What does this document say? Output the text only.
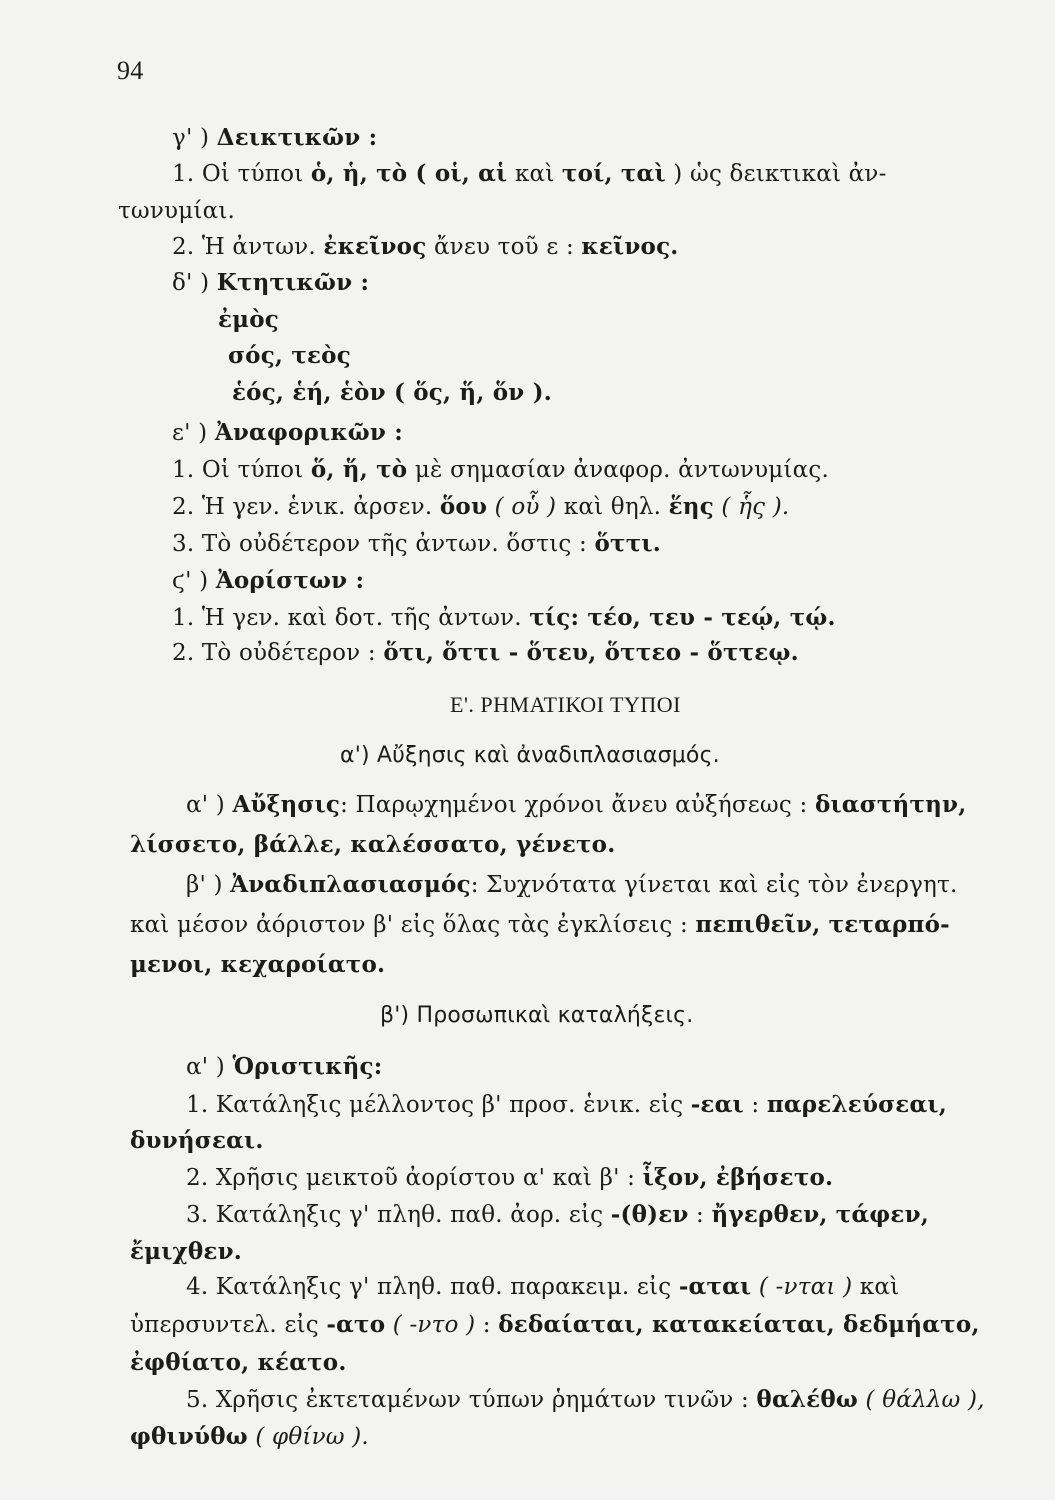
94
γ' ) Δεικτικῶν :
1. Οἱ τύποι ὁ, ἡ, τὸ ( οἱ, αἱ καὶ τοί, ταὶ ) ὡς δεικτικαὶ ἀν-
τωνυμίαι.
2. Ἡ ἀντων. ἐκεῖνος ἄνευ τοῦ ε : κεῖνος.
δ' ) Κτητικῶν :
ἐμὸς
σός, τεὸς
ἑός, ἑή, ἑὸν ( ὅς, ἥ, ὅν ).
ε' ) Ἀναφορικῶν :
1. Οἱ τύποι ὅ, ἥ, τὸ μὲ σημασίαν ἀναφορ. ἀντωνυμίας.
2. Ἡ γεν. ἑνικ. ἀρσεν. ὅου ( οὗ ) καὶ θηλ. ἕης ( ἧς ).
3. Τὸ οὐδέτερον τῆς ἀντων. ὅστις : ὅττι.
ϛ' ) Ἀορίστων :
1. Ἡ γεν. καὶ δοτ. τῆς ἀντων. τίς: τέο, τευ - τεῴ, τῴ.
2. Τὸ οὐδέτερον : ὅτι, ὅττι - ὅτευ, ὅττεο - ὅττεῳ.
Ε'. ΡΗΜΑΤΙΚΟΙ ΤΥΠΟΙ
α') Αὔξησις καὶ ἀναδιπλασιασμός.
α' ) Αὔξησις: Παρῳχημένοι χρόνοι ἄνευ αὐξήσεως : διαστήτην,
λίσσετο, βάλλε, καλέσσατο, γένετο.
β' ) Ἀναδιπλασιασμός: Συχνότατα γίνεται καὶ εἰς τὸν ἐνεργητ.
καὶ μέσον ἀόριστον β' εἰς ὅλας τὰς ἐγκλίσεις : πεπιθεῖν, τεταρπό-
μενοι, κεχαροίατο.
β') Προσωπικαὶ καταλήξεις.
α' ) Ὁριστικῆς:
1. Κατάληξις μέλλοντος β' προσ. ἑνικ. εἰς -εαι : παρελεύσεαι,
δυνήσεαι.
2. Χρῆσις μεικτοῦ ἀορίστου α' καὶ β' : ἷξον, ἐβήσετο.
3. Κατάληξις γ' πληθ. παθ. ἀορ. εἰς -(θ)εν : ἤγερθεν, τάφεν,
ἔμιχθεν.
4. Κατάληξις γ' πληθ. παθ. παρακειμ. εἰς -αται ( -νται ) καὶ
ὑπερσυντελ. εἰς -ατο ( -ντο ) : δεδαίαται, κατακείαται, δεδμήατο,
ἐφθίατο, κέατο.
5. Χρῆσις ἐκτεταμένων τύπων ῥημάτων τινῶν : θαλέθω ( θάλλω ),
φθινύθω ( φθίνω ).
